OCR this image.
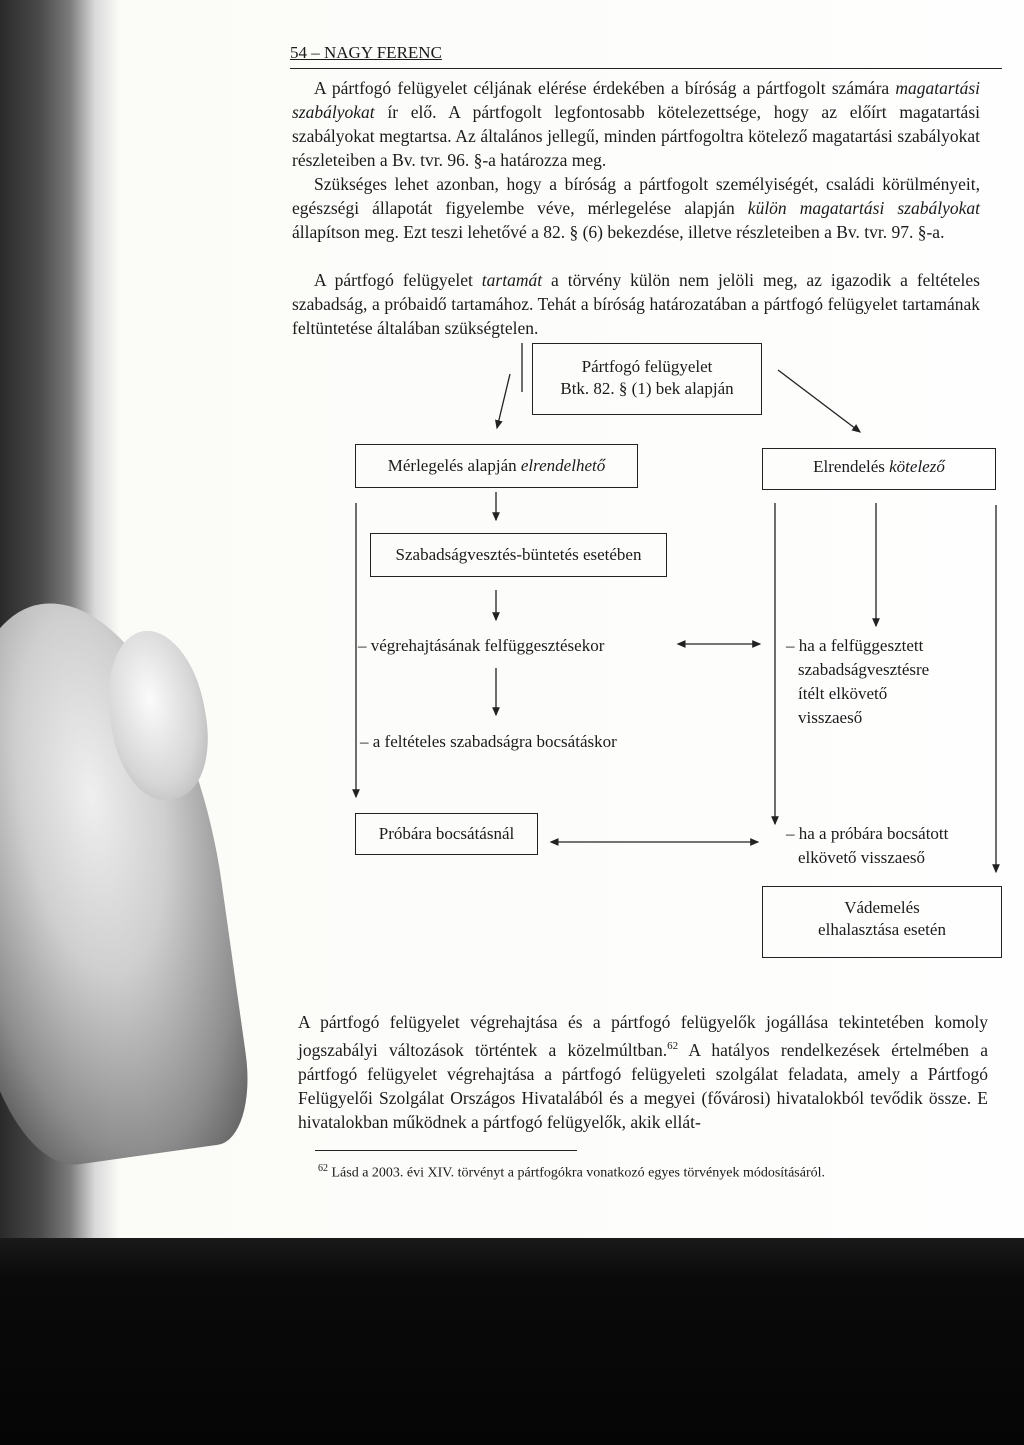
54 – NAGY FERENC

A pártfogó felügyelet céljának elérése érdekében a bíróság a pártfogolt számára magatartási szabályokat ír elő. A pártfogolt legfontosabb kötelezettsége, hogy az előírt magatartási szabályokat megtartsa. Az általános jellegű, minden pártfogoltra kötelező magatartási szabályokat részleteiben a Bv. tvr. 96. §-a határozza meg.

Szükséges lehet azonban, hogy a bíróság a pártfogolt személyiségét, családi körülményeit, egészségi állapotát figyelembe véve, mérlegelése alapján külön magatartási szabályokat állapítson meg. Ezt teszi lehetővé a 82. § (6) bekezdése, illetve részleteiben a Bv. tvr. 97. §-a.

A pártfogó felügyelet tartamát a törvény külön nem jelöli meg, az igazodik a feltételes szabadság, a próbaidő tartamához. Tehát a bíróság határozatában a pártfogó felügyelet tartamának feltüntetése általában szükségtelen.

Pártfogó felügyelet
Btk. 82. § (1) bek alapján
Mérlegelés alapján elrendelhető	Elrendelés kötelező
Szabadságvesztés-büntetés esetében

– végrehajtásának felfüggesztésekor

– a feltételes szabadságra bocsátáskor

– ha a felfüggesztett
szabadságvesztésre
ítélt elkövető
visszaeső
Próbára bocsátásnál	– ha a próbára bocsátott
elkövető visszaeső
Vádemelés
elhalasztása esetén

A pártfogó felügyelet végrehajtása és a pártfogó felügyelők jogállása tekintetében komoly jogszabályi változások történtek a közelmúltban.$^{62}$ A hatályos rendelkezések értelmében a pártfogó felügyelet végrehajtása a pártfogó felügyeleti szolgálat feladata, amely a Pártfogó Felügyelői Szolgálat Országos Hivatalából és a megyei (fővárosi) hivatalokból tevődik össze. E hivatalokban működnek a pártfogó felügyelők, akik ellát-

$^{62}$ Lásd a 2003. évi XIV. törvényt a pártfogókra vonatkozó egyes törvények módosításáról.
